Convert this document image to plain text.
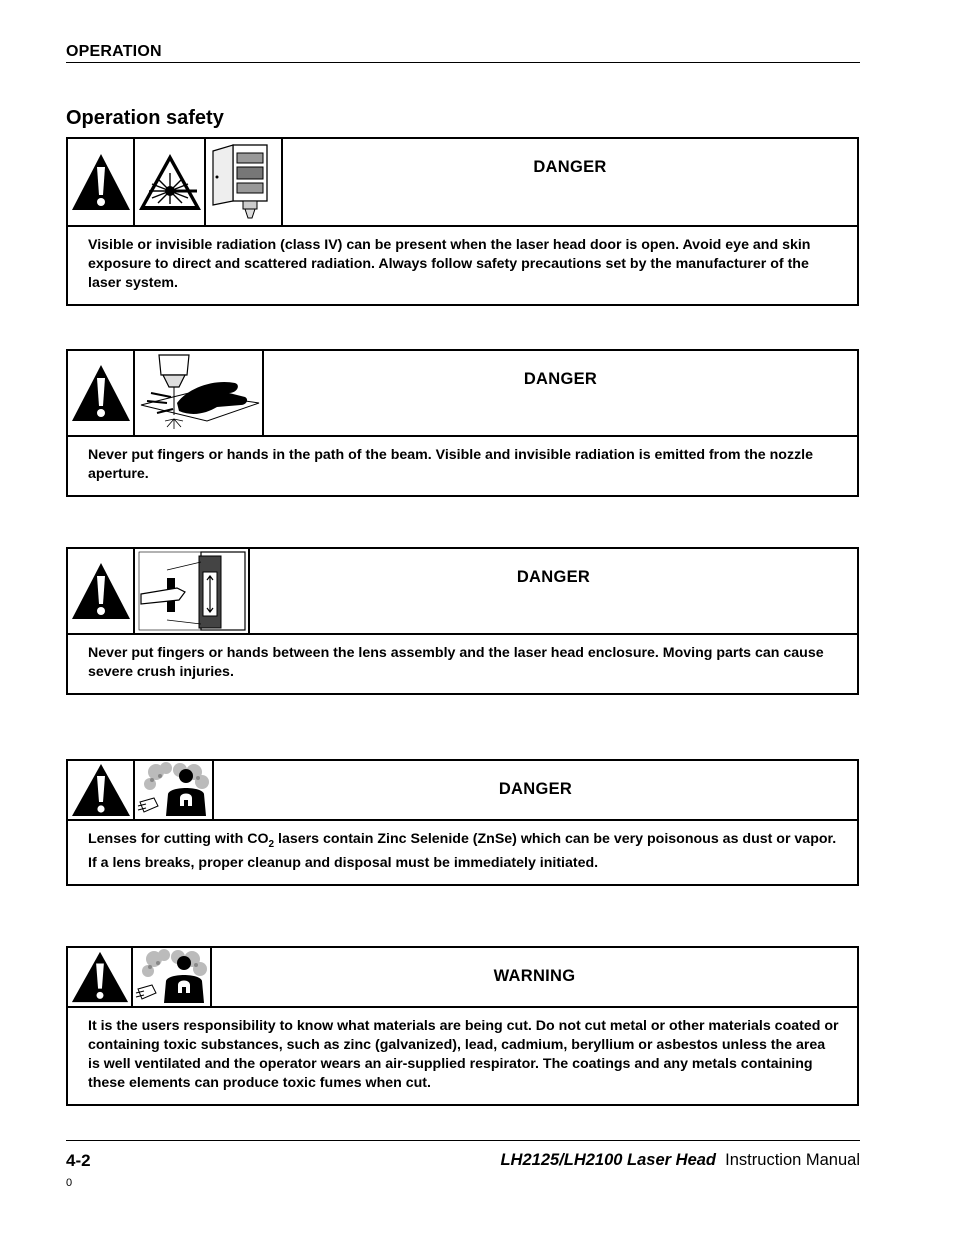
OPERATION
Operation safety
DANGER
Visible or invisible radiation (class IV) can be present when the laser head door is open. Avoid eye and skin exposure to direct and scattered radiation. Always follow safety precautions set by the manufacturer of the laser system.
DANGER
Never put fingers or hands in the path of the beam. Visible and invisible radiation is emitted from the nozzle aperture.
DANGER
Never put fingers or hands between the lens assembly and the laser head enclosure. Moving parts can cause severe crush injuries.
DANGER
Lenses for cutting with $CO_2$ lasers contain Zinc Selenide (ZnSe) which can be very poisonous as dust or vapor. If a lens breaks, proper cleanup and disposal must be immediately initiated.
WARNING
It is the users responsibility to know what materials are being cut. Do not cut metal or other materials coated or containing toxic substances, such as zinc (galvanized), lead, cadmium, beryllium or asbestos unless the area is well ventilated and the operator wears an air-supplied respirator. The coatings and any metals containing these elements can produce toxic fumes when cut.
4-2	LH2125/LH2100 Laser Head Instruction Manual
0
